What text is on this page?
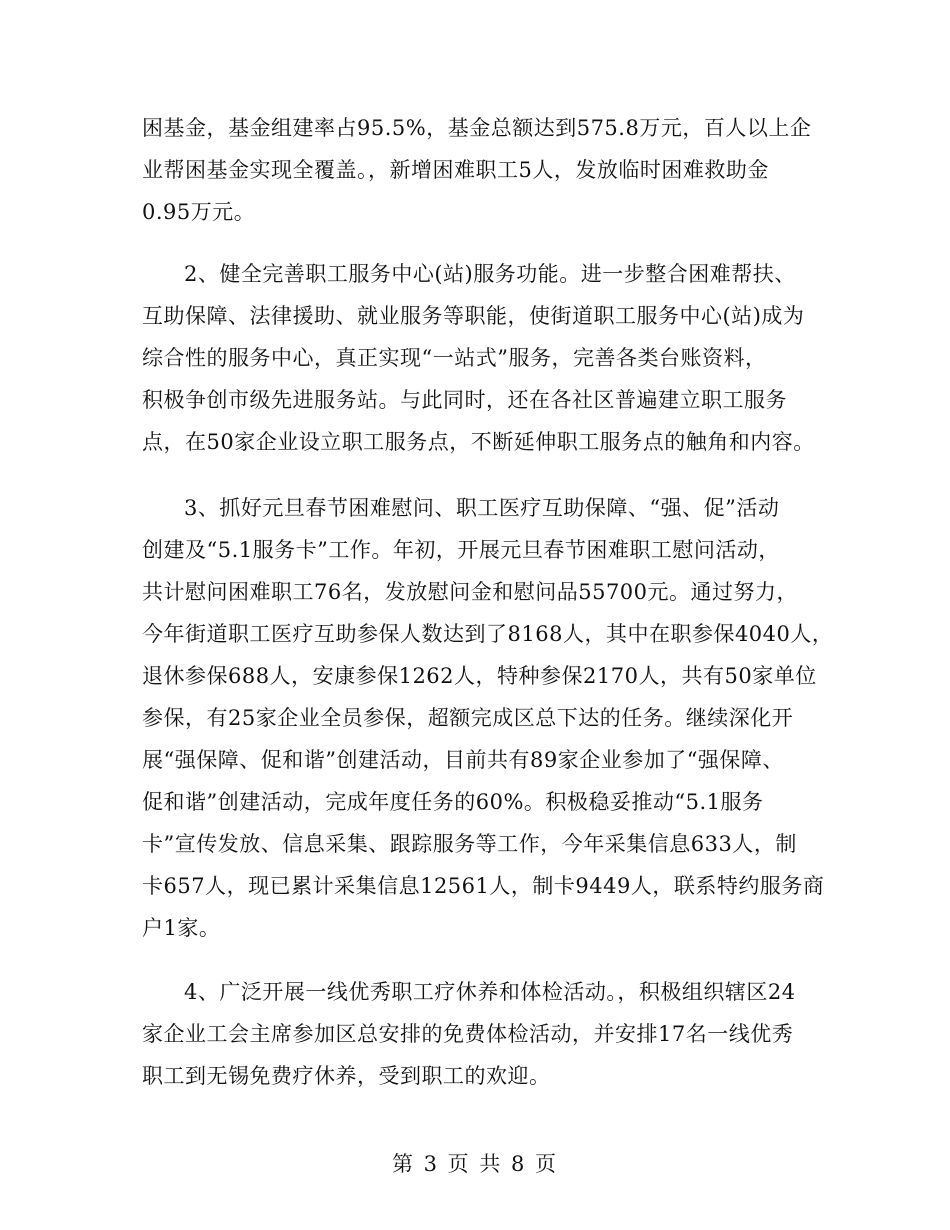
困基金，基金组建率占95.5%，基金总额达到575.8万元，百人以上企
业帮困基金实现全覆盖。，新增困难职工5人，发放临时困难救助金
0.95万元。
2、健全完善职工服务中心(站)服务功能。进一步整合困难帮扶、
互助保障、法律援助、就业服务等职能，使街道职工服务中心(站)成为
综合性的服务中心，真正实现“一站式”服务，完善各类台账资料，
积极争创市级先进服务站。与此同时，还在各社区普遍建立职工服务
点，在50家企业设立职工服务点，不断延伸职工服务点的触角和内容。
3、抓好元旦春节困难慰问、职工医疗互助保障、“强、促”活动
创建及“5.1服务卡”工作。年初，开展元旦春节困难职工慰问活动，
共计慰问困难职工76名，发放慰问金和慰问品55700元。通过努力，
今年街道职工医疗互助参保人数达到了8168人，其中在职参保4040人，
退休参保688人，安康参保1262人，特种参保2170人，共有50家单位
参保，有25家企业全员参保，超额完成区总下达的任务。继续深化开
展“强保障、促和谐”创建活动，目前共有89家企业参加了“强保障、
促和谐”创建活动，完成年度任务的60%。积极稳妥推动“5.1服务
卡”宣传发放、信息采集、跟踪服务等工作，今年采集信息633人，制
卡657人，现已累计采集信息12561人，制卡9449人，联系特约服务商
户1家。
4、广泛开展一线优秀职工疗休养和体检活动。，积极组织辖区24
家企业工会主席参加区总安排的免费体检活动，并安排17名一线优秀
职工到无锡免费疗休养，受到职工的欢迎。
第 3 页 共 8 页
